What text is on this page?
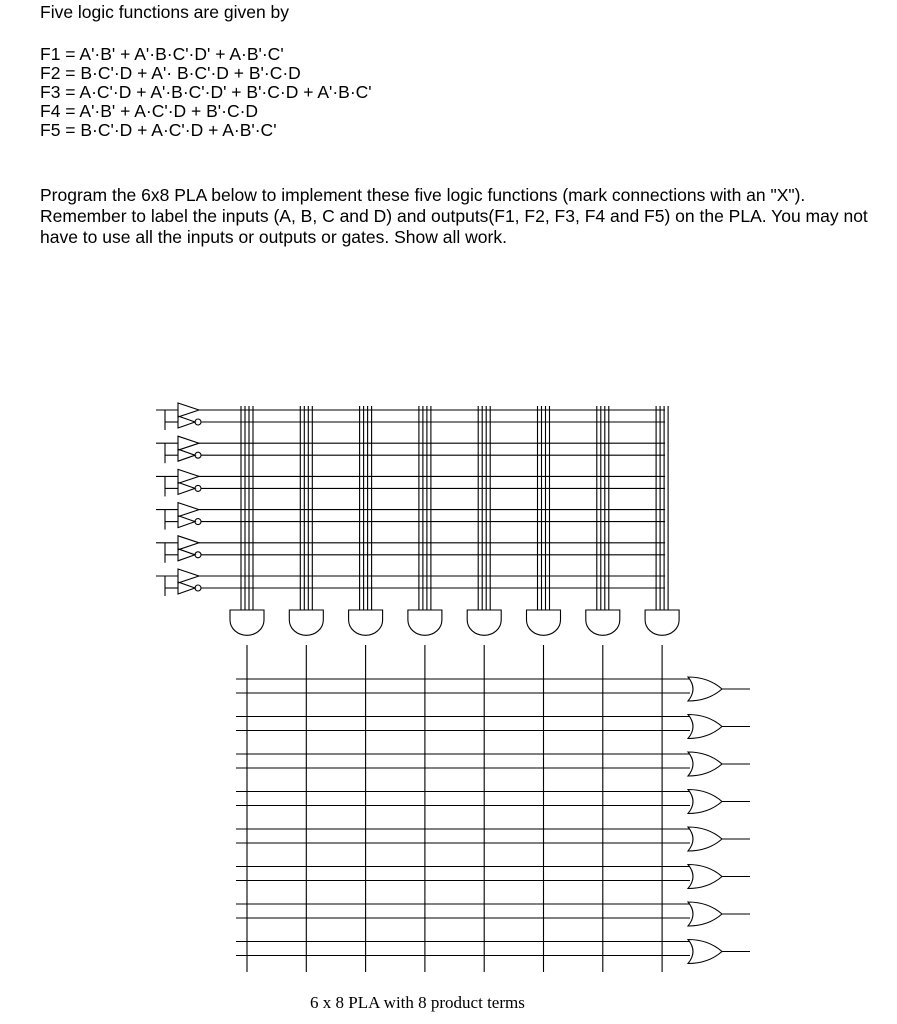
Five logic functions are given by
F1 = A'·B' + A'·B·C'·D' + A·B'·C'
F2 = B·C'·D + A'· B·C'·D + B'·C·D
F3 = A·C'·D + A'·B·C'·D' + B'·C·D + A'·B·C'
F4 = A'·B' + A·C'·D + B'·C·D
F5 = B·C'·D + A·C'·D + A·B'·C'
Program the 6x8 PLA below to implement these five logic functions (mark connections with an "X"). Remember to label the inputs (A, B, C and D) and outputs(F1, F2, F3, F4 and F5) on the PLA. You may not have to use all the inputs or outputs or gates. Show all work.
6 x 8 PLA with 8 product terms
